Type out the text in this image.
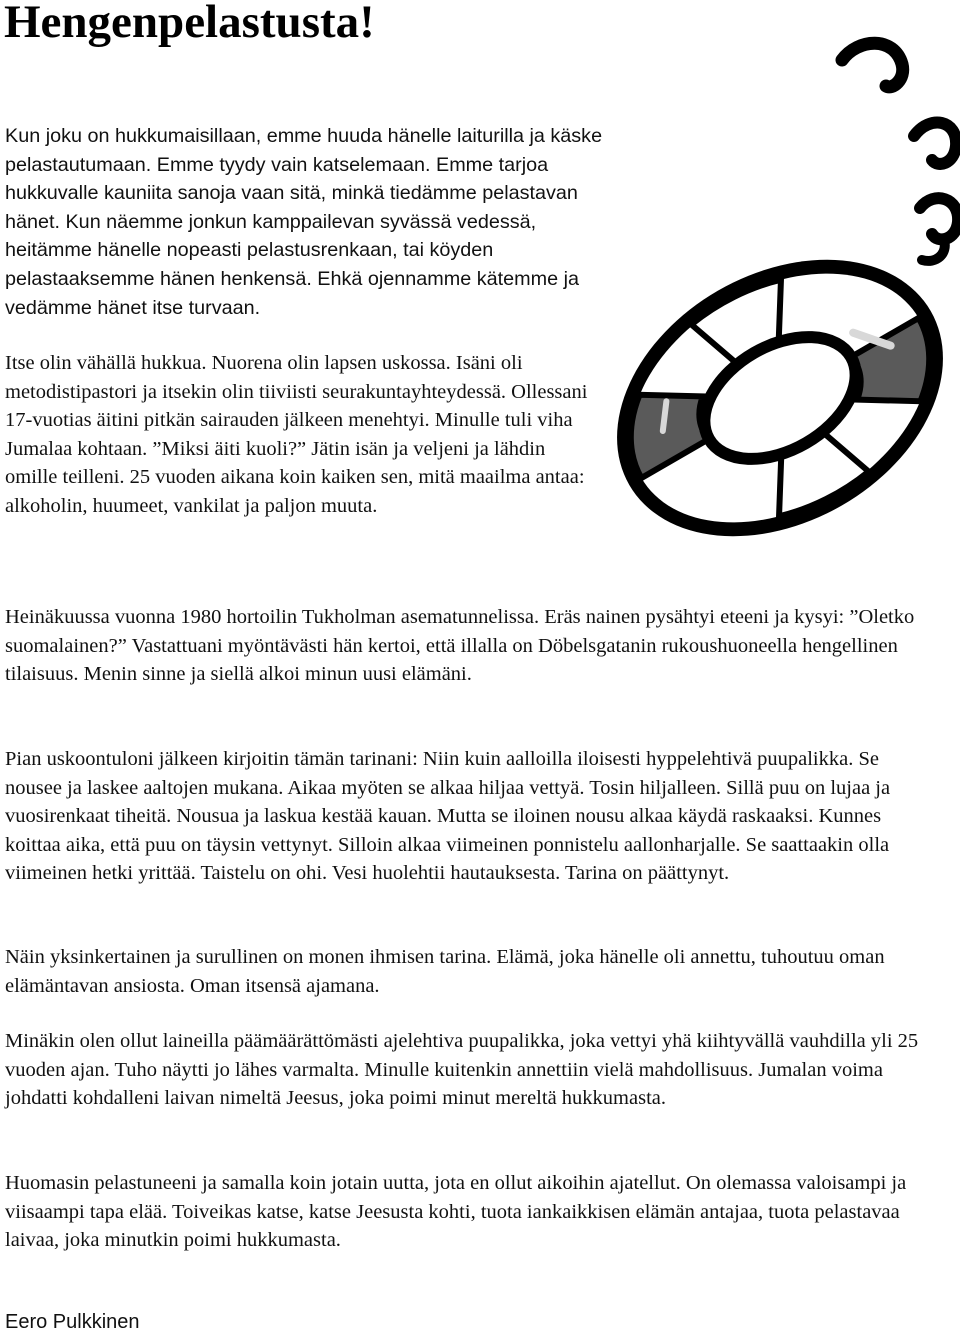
Hengenpelastusta!

Kun joku on hukkumaisillaan, emme huuda hänelle laiturilla ja käske pelastautumaan. Emme tyydy vain katselemaan. Emme tarjoa hukkuvalle kauniita sanoja vaan sitä, minkä tiedämme pelastavan hänet. Kun näemme jonkun kamppailevan syvässä vedessä, heitämme hänelle nopeasti pelastusrenkaan, tai köyden pelastaaksemme hänen henkensä. Ehkä ojennamme kätemme ja vedämme hänet itse turvaan.

Itse olin vähällä hukkua. Nuorena olin lapsen uskossa. Isäni oli metodistipastori ja itsekin olin tiiviisti seurakuntayhteydessä. Ollessani 17-vuotias äitini pitkän sairauden jälkeen menehtyi. Minulle tuli viha Jumalaa kohtaan. ”Miksi äiti kuoli?” Jätin isän ja veljeni ja lähdin omille teilleni. 25 vuoden aikana koin kaiken sen, mitä maailma antaa: alkoholin, huumeet, vankilat ja paljon muuta.

Heinäkuussa vuonna 1980 hortoilin Tukholman asematunnelissa. Eräs nainen pysähtyi eteeni ja kysyi: ”Oletko suomalainen?” Vastattuani myöntävästi hän kertoi, että illalla on Döbelsgatanin rukoushuoneella hengellinen tilaisuus. Menin sinne ja siellä alkoi minun uusi elämäni.

Pian uskoontuloni jälkeen kirjoitin tämän tarinani: Niin kuin aalloilla iloisesti hyppelehtivä puupalikka. Se nousee ja laskee aaltojen mukana. Aikaa myöten se alkaa hiljaa vettyä. Tosin hiljalleen. Sillä puu on lujaa ja vuosirenkaat tiheitä. Nousua ja laskua kestää kauan. Mutta se iloinen nousu alkaa käydä raskaaksi. Kunnes koittaa aika, että puu on täysin vettynyt. Silloin alkaa viimeinen ponnistelu aallonharjalle. Se saattaakin olla viimeinen hetki yrittää. Taistelu on ohi. Vesi huolehtii hautauksesta. Tarina on päättynyt.

Näin yksinkertainen ja surullinen on monen ihmisen tarina. Elämä, joka hänelle oli annettu, tuhoutuu oman elämäntavan ansiosta. Oman itsensä ajamana.

Minäkin olen ollut laineilla päämäärättömästi ajelehtiva puupalikka, joka vettyi yhä kiihtyvällä vauhdilla yli 25 vuoden ajan. Tuho näytti jo lähes varmalta. Minulle kuitenkin annettiin vielä mahdollisuus. Jumalan voima johdatti kohdalleni laivan nimeltä Jeesus, joka poimi minut mereltä hukkumasta.

Huomasin pelastuneeni ja samalla koin jotain uutta, jota en ollut aikoihin ajatellut. On olemassa valoisampi ja viisaampi tapa elää. Toiveikas katse, katse Jeesusta kohti, tuota iankaikkisen elämän antajaa, tuota pelastavaa laivaa, joka minutkin poimi hukkumasta.

Eero Pulkkinen
